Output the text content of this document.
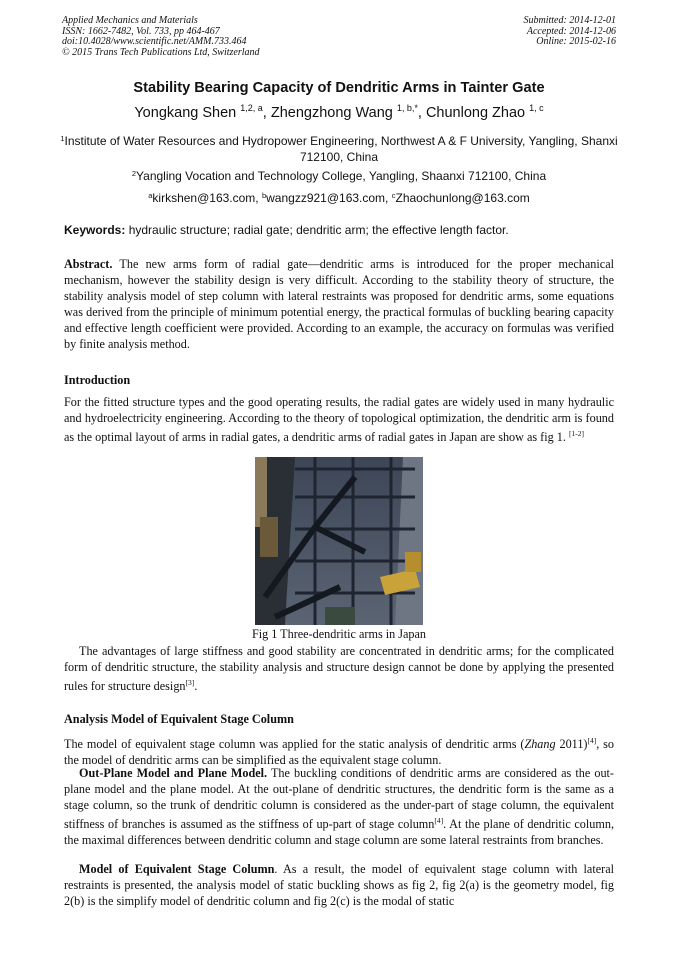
Applied Mechanics and Materials
ISSN: 1662-7482, Vol. 733, pp 464-467
doi:10.4028/www.scientific.net/AMM.733.464
© 2015 Trans Tech Publications Ltd, Switzerland
Submitted: 2014-12-01
Accepted: 2014-12-06
Online: 2015-02-16
Stability Bearing Capacity of Dendritic Arms in Tainter Gate
Yongkang Shen $^{1,2, a}$, Zhengzhong Wang $^{1, b,*}$, Chunlong Zhao $^{1, c}$
$^1$Institute of Water Resources and Hydropower Engineering, Northwest A & F University, Yangling, Shanxi 712100, China
$^2$Yangling Vocation and Technology College, Yangling, Shaanxi 712100, China
$^a$kirkshen@163.com, $^b$wangzz921@163.com, $^c$Zhaochunlong@163.com
Keywords: hydraulic structure; radial gate; dendritic arm; the effective length factor.
Abstract. The new arms form of radial gate—dendritic arms is introduced for the proper mechanical mechanism, however the stability design is very difficult. According to the stability theory of structure, the stability analysis model of step column with lateral restraints was proposed for dendritic arms, some equations was derived from the principle of minimum potential energy, the practical formulas of buckling bearing capacity and effective length coefficient were provided. According to an example, the accuracy on formulas was verified by finite analysis method.
Introduction
For the fitted structure types and the good operating results, the radial gates are widely used in many hydraulic and hydroelectricity engineering. According to the theory of topological optimization, the dendritic arm is found as the optimal layout of arms in radial gates, a dendritic arms of radial gates in Japan are show as fig 1. [1-2]
Fig 1 Three-dendritic arms in Japan
The advantages of large stiffness and good stability are concentrated in dendritic arms; for the complicated form of dendritic structure, the stability analysis and structure design cannot be done by applying the presented rules for structure design[3].
Analysis Model of Equivalent Stage Column
The model of equivalent stage column was applied for the static analysis of dendritic arms (Zhang 2011)[4], so the model of dendritic arms can be simplified as the equivalent stage column.
Out-Plane Model and Plane Model. The buckling conditions of dendritic arms are considered as the out-plane model and the plane model. At the out-plane of dendritic structures, the dendritic form is the same as a stage column, so the trunk of dendritic column is considered as the under-part of stage column, the equivalent stiffness of branches is assumed as the stiffness of up-part of stage column[4]. At the plane of dendritic column, the maximal differences between dendritic column and stage column are some lateral restraints from branches.
Model of Equivalent Stage Column. As a result, the model of equivalent stage column with lateral restraints is presented, the analysis model of static buckling shows as fig 2, fig 2(a) is the geometry model, fig 2(b) is the simplify model of dendritic column and fig 2(c) is the modal of static
